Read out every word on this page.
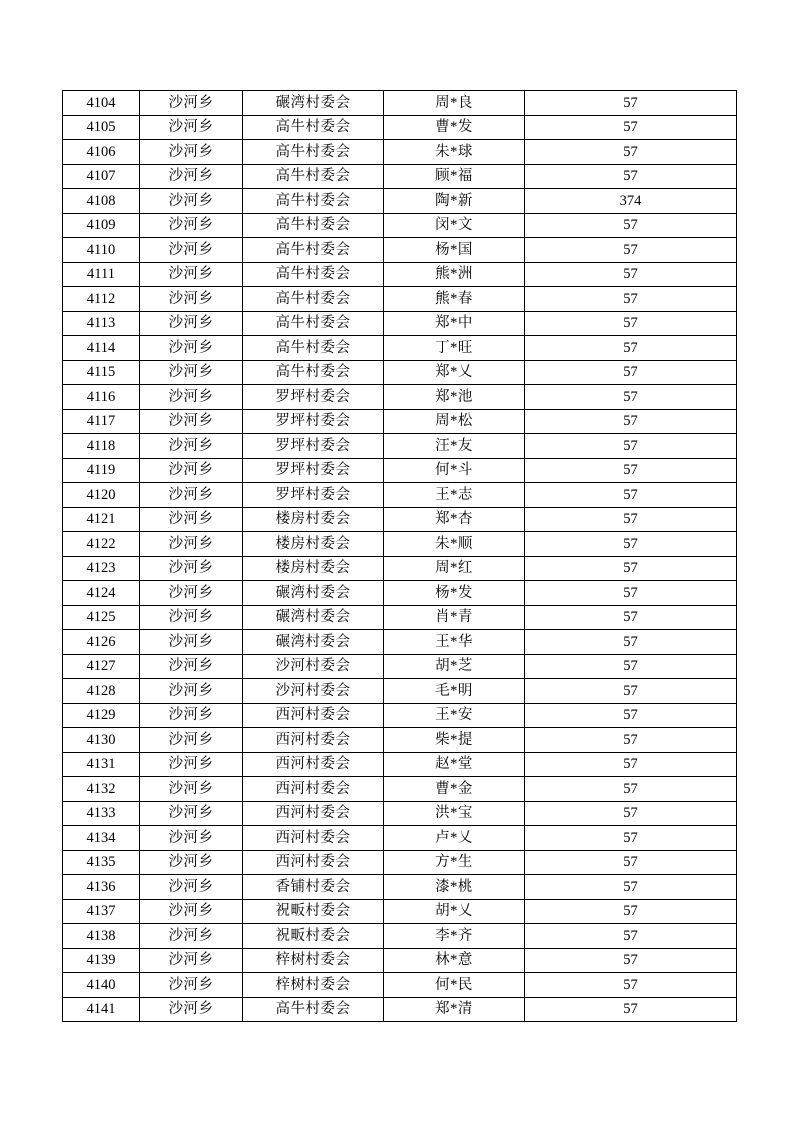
4104	沙河乡	碾湾村委会	周*良	57
4105	沙河乡	高牛村委会	曹*发	57
4106	沙河乡	高牛村委会	朱*球	57
4107	沙河乡	高牛村委会	顾*福	57
4108	沙河乡	高牛村委会	陶*新	374
4109	沙河乡	高牛村委会	闵*文	57
4110	沙河乡	高牛村委会	杨*国	57
4111	沙河乡	高牛村委会	熊*洲	57
4112	沙河乡	高牛村委会	熊*春	57
4113	沙河乡	高牛村委会	郑*中	57
4114	沙河乡	高牛村委会	丁*旺	57
4115	沙河乡	高牛村委会	郑*乂	57
4116	沙河乡	罗坪村委会	郑*池	57
4117	沙河乡	罗坪村委会	周*松	57
4118	沙河乡	罗坪村委会	汪*友	57
4119	沙河乡	罗坪村委会	何*斗	57
4120	沙河乡	罗坪村委会	王*志	57
4121	沙河乡	楼房村委会	郑*杏	57
4122	沙河乡	楼房村委会	朱*顺	57
4123	沙河乡	楼房村委会	周*红	57
4124	沙河乡	碾湾村委会	杨*发	57
4125	沙河乡	碾湾村委会	肖*青	57
4126	沙河乡	碾湾村委会	王*华	57
4127	沙河乡	沙河村委会	胡*芝	57
4128	沙河乡	沙河村委会	毛*明	57
4129	沙河乡	西河村委会	王*安	57
4130	沙河乡	西河村委会	柴*提	57
4131	沙河乡	西河村委会	赵*堂	57
4132	沙河乡	西河村委会	曹*金	57
4133	沙河乡	西河村委会	洪*宝	57
4134	沙河乡	西河村委会	卢*乂	57
4135	沙河乡	西河村委会	方*生	57
4136	沙河乡	香铺村委会	漆*桃	57
4137	沙河乡	祝畈村委会	胡*乂	57
4138	沙河乡	祝畈村委会	李*齐	57
4139	沙河乡	梓树村委会	林*意	57
4140	沙河乡	梓树村委会	何*民	57
4141	沙河乡	高牛村委会	郑*清	57
